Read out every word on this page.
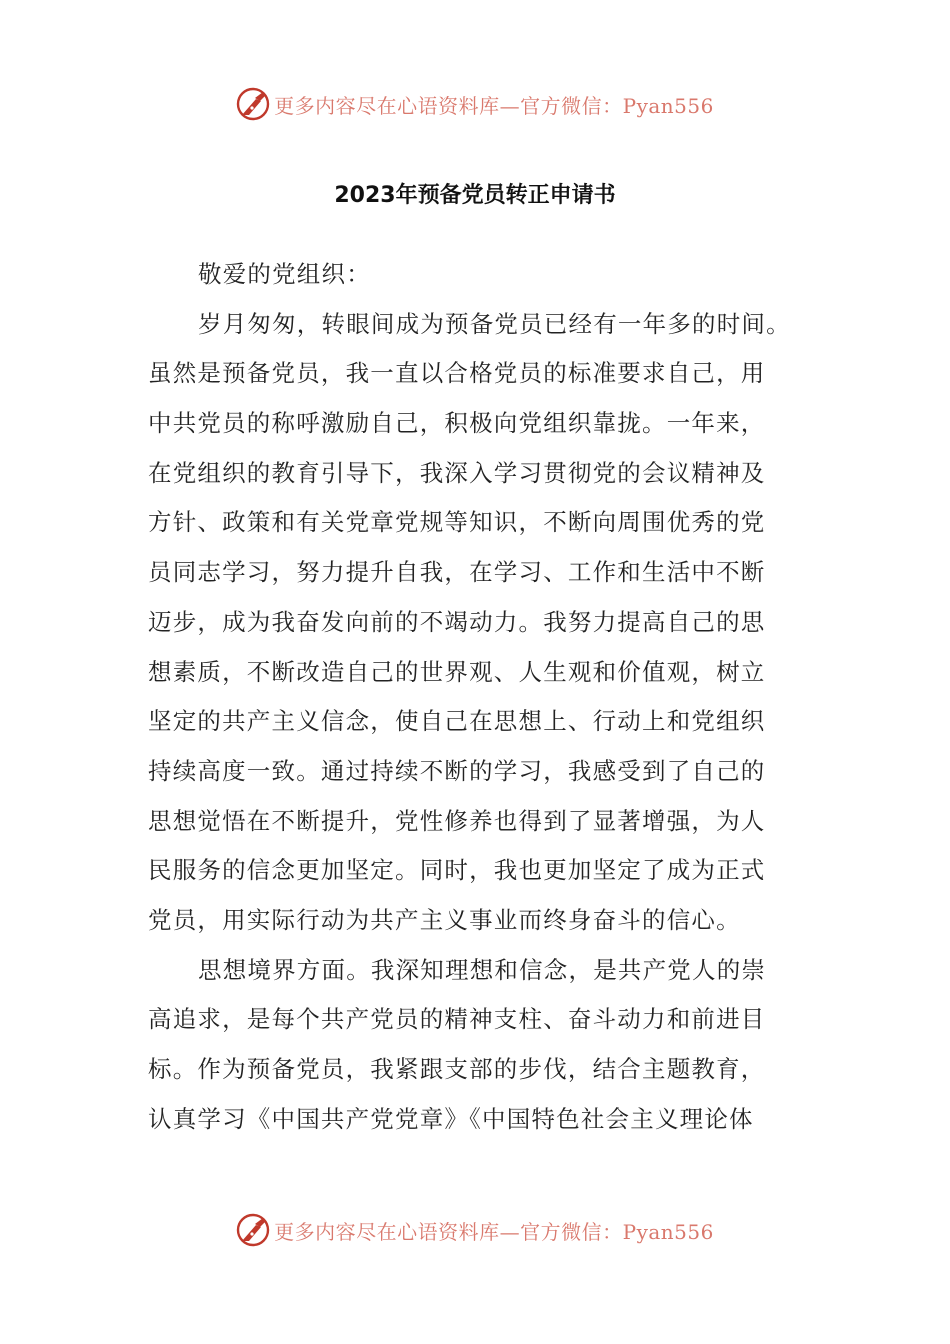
更多内容尽在心语资料库—官方微信：Pyan556
2023年预备党员转正申请书
敬爱的党组织：
岁月匆匆，转眼间成为预备党员已经有一年多的时间。
虽然是预备党员，我一直以合格党员的标准要求自己，用
中共党员的称呼激励自己，积极向党组织靠拢。一年来，
在党组织的教育引导下，我深入学习贯彻党的会议精神及
方针、政策和有关党章党规等知识，不断向周围优秀的党
员同志学习，努力提升自我，在学习、工作和生活中不断
迈步，成为我奋发向前的不竭动力。我努力提高自己的思
想素质，不断改造自己的世界观、人生观和价值观，树立
坚定的共产主义信念，使自己在思想上、行动上和党组织
持续高度一致。通过持续不断的学习，我感受到了自己的
思想觉悟在不断提升，党性修养也得到了显著增强，为人
民服务的信念更加坚定。同时，我也更加坚定了成为正式
党员，用实际行动为共产主义事业而终身奋斗的信心。
思想境界方面。我深知理想和信念，是共产党人的崇
高追求，是每个共产党员的精神支柱、奋斗动力和前进目
标。作为预备党员，我紧跟支部的步伐，结合主题教育，
认真学习《中国共产党党章》《中国特色社会主义理论体
更多内容尽在心语资料库—官方微信：Pyan556
